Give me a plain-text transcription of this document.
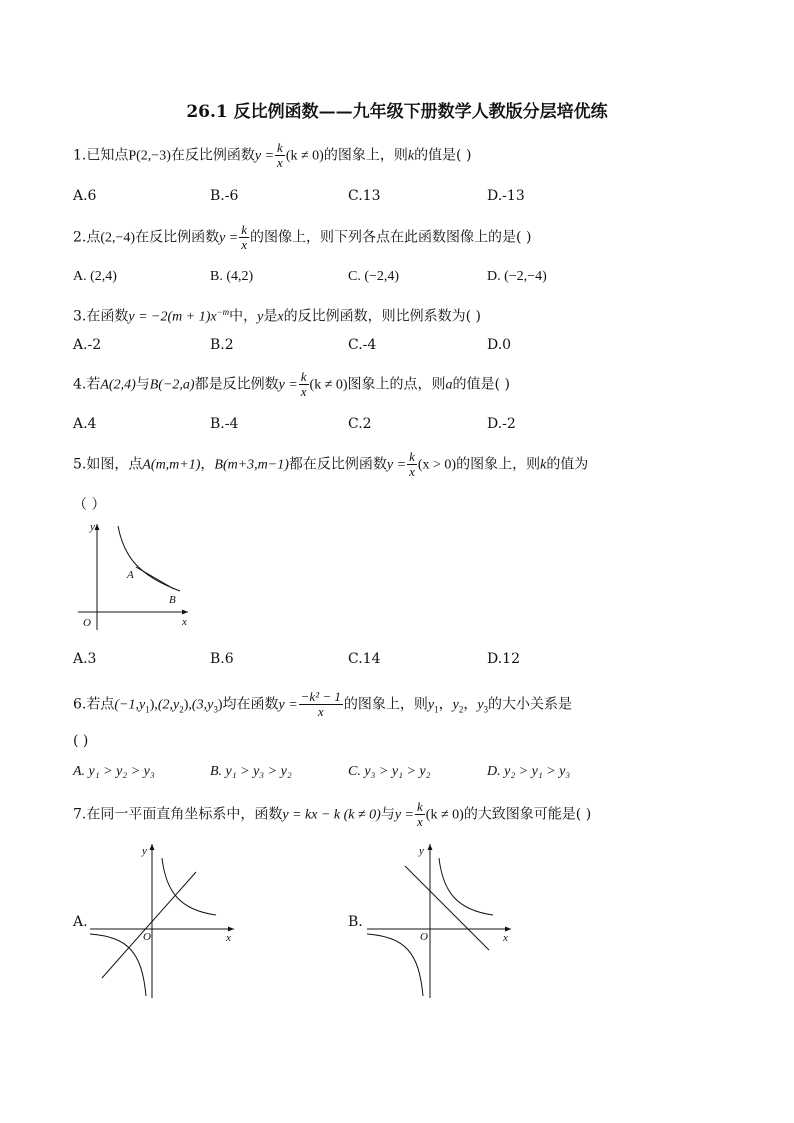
26.1 反比例函数——九年级下册数学人教版分层培优练
1.已知点P(2,−3)在反比例函数$y = \frac{k}{x} (k \ne 0)$的图象上，则k的值是( )
A.6	B.-6	C.13	D.-13
2.点(2,−4)在反比例函数$y = \frac{k}{x}$ 的图像上，则下列各点在此函数图像上的是( )
A. (2,4)	B. (4,2)	C. (−2,4)	D. (−2,−4)
3.在函数$y = -2(m + 1)x^{-m}$中，y是x的反比例函数，则比例系数为( )
A.-2	B.2	C.-4	D.0
4.若A(2,4)与B(−2,a)都是反比例数$y = \frac{k}{x} (k \ne 0)$图象上的点，则a的值是( )
A.4	B.-4	C.2	D.-2
5.如图，点A(m,m+1)，B(m+3,m−1)都在反比例函数$y = \frac{k}{x} (x > 0)$的图象上，则k的值为
（ ）
y
x
O
A
B
A.3	B.6	C.14	D.12
6.若点$(-1,y_1),(2,y_2),(3,y_3)$均在函数$y = \frac{\text{−k² − 1}}{x}$ 的图象上，则$y_1$，$y_2$，$y_3$的大小关系是
( )
A. y₁ > y₂ > y₃	B. y₁ > y₃ > y₂	C. y₃ > y₁ > y₂	D. y₂ > y₁ > y₃
7.在同一平面直角坐标系中，函数y = kx − k (k ≠ 0)与$y = \frac{k}{x} (k \ne 0)$的大致图象可能是( )
A.
y
x
O
B.
y
x
O
